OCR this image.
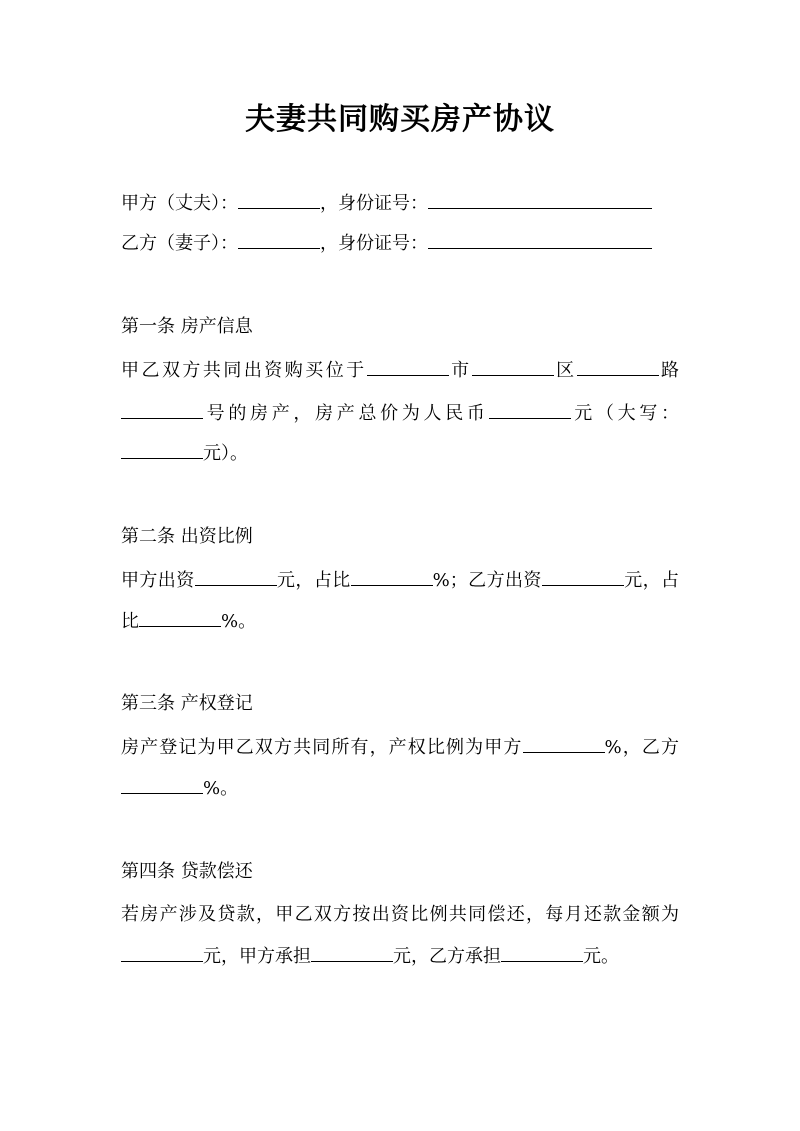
夫妻共同购买房产协议
甲方（丈夫）：	，身份证号：
乙方（妻子）：	，身份证号：
第一条 房产信息
甲乙双方共同出资购买位于	市	区	路
号的房产，房产总价为人民币	元（大写：
元）。
第二条 出资比例
甲方出资	元，占比	%；乙方出资	元，占
比	%。
第三条 产权登记
房产登记为甲乙双方共同所有，产权比例为甲方	%，乙方
%。
第四条 贷款偿还
若房产涉及贷款，甲乙双方按出资比例共同偿还，每月还款金额为
元，甲方承担	元，乙方承担	元。
